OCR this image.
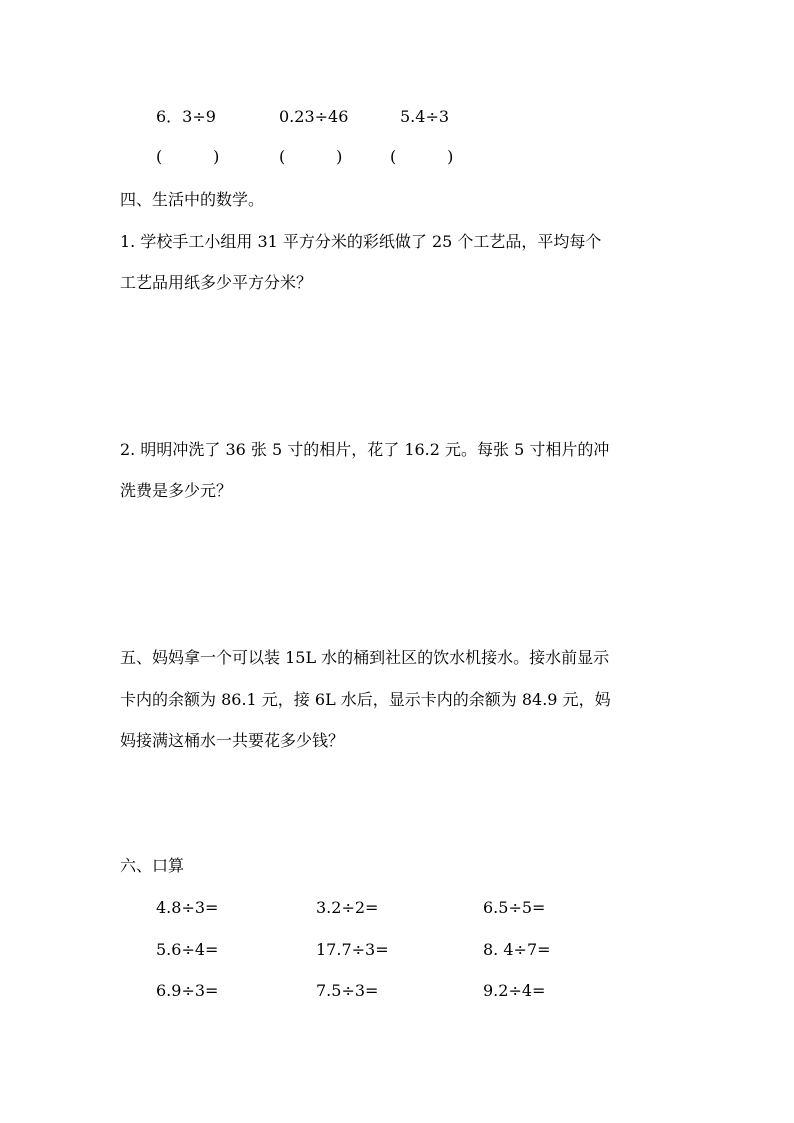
6．3÷9	0.23÷46	5.4÷3
(          )	(          )	(          )
四、生活中的数学。
1. 学校手工小组用 31 平方分米的彩纸做了 25 个工艺品，平均每个
工艺品用纸多少平方分米？
2. 明明冲洗了 36 张 5 寸的相片，花了 16.2 元。每张 5 寸相片的冲
洗费是多少元？
五、妈妈拿一个可以装 15L 水的桶到社区的饮水机接水。接水前显示
卡内的余额为 86.1 元，接 6L 水后，显示卡内的余额为 84.9 元，妈
妈接满这桶水一共要花多少钱？
六、口算
4.8÷3=	3.2÷2=	6.5÷5=
5.6÷4=	17.7÷3=	8. 4÷7=
6.9÷3=	7.5÷3=	9.2÷4=
